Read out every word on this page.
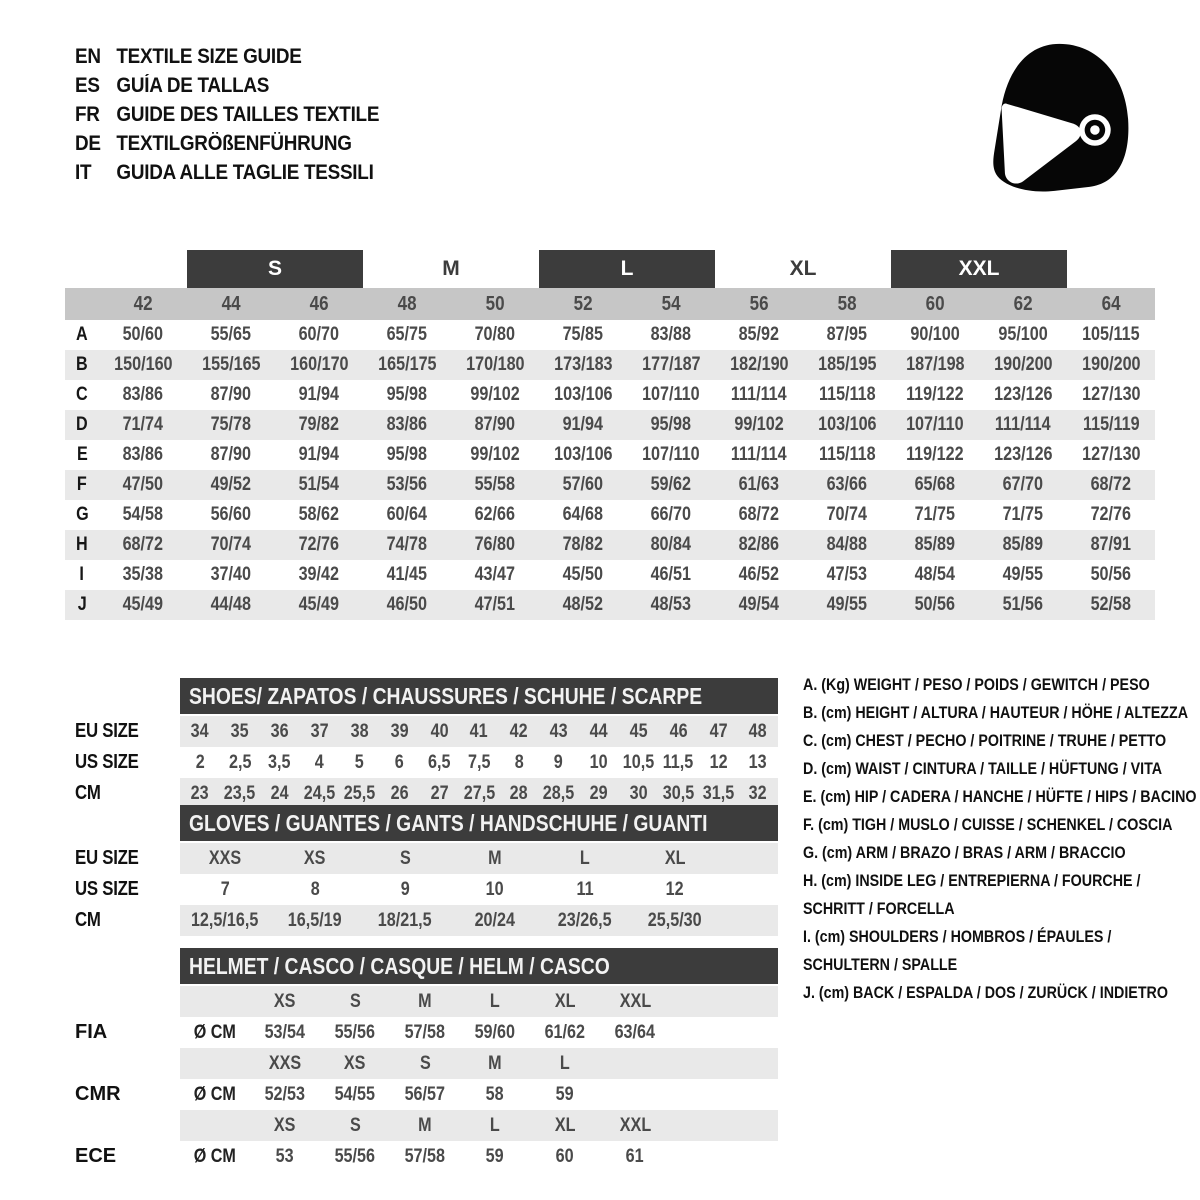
EN TEXTILE SIZE GUIDE
ES GUÍA DE TALLAS
FR GUIDE DES TAILLES TEXTILE
DE TEXTILGRÖßENFÜHRUNG
IT	GUIDA ALLE TAGLIE TESSILI
S	M	L	XL	XXL
42	44	46	48	50	52	54	56	58	60	62	64
A 50/60	55/65	60/70	65/75	70/80	75/85	83/88	85/92	87/95 90/100 95/100 105/115
B 150/160 155/165 160/170 165/175 170/180 173/183 177/187 182/190 185/195 187/198 190/200 190/200
C 83/86	87/90	91/94	95/98 99/102 103/106 107/110 111/114 115/118 119/122 123/126 127/130
D 71/74	75/78	79/82	83/86	87/90	91/94	95/98 99/102 103/106 107/110 111/114 115/119
E 83/86	87/90	91/94	95/98 99/102 103/106 107/110 111/114 115/118 119/122 123/126 127/130
F 47/50	49/52	51/54	53/56	55/58	57/60	59/62	61/63	63/66	65/68	67/70	68/72
G 54/58	56/60	58/62	60/64	62/66	64/68	66/70	68/72	70/74	71/75	71/75	72/76
H 68/72	70/74	72/76	74/78	76/80	78/82	80/84	82/86	84/88	85/89	85/89	87/91
I 35/38	37/40	39/42	41/45	43/47	45/50	46/51	46/52	47/53	48/54	49/55	50/56
J 45/49	44/48	45/49	46/50	47/51	48/52	48/53	49/54	49/55	50/56	51/56	52/58
EU SIZE
US SIZE
CM
SHOES/ ZAPATOS / CHAUSSURES / SCHUHE / SCARPE
34 35 36 37 38 39 40 41 42 43 44 45 46 47 48
2 2,5 3,5 4 5 6 6,5 7,5 8 9 10 10,5 11,5 12 13
23 23,5 24 24,5 25,5 26 27 27,5 28 28,5 29 30 30,5 31,5 32
EU SIZE
US SIZE
CM
GLOVES / GUANTES / GANTS / HANDSCHUHE / GUANTI
XXS	XS	S	M	L	XL
7	8	9	10	11	12
12,5/16,5 16,5/19 18/21,5 20/24 23/26,5 25,5/30
FIA
CMR
ECE
HELMET / CASCO / CASQUE / HELM / CASCO
XS	S	M	L	XL XXL
Ø CM 53/54 55/56 57/58 59/60 61/62 63/64
XXS XS	S	M	L
Ø CM 52/53 54/55 56/57 58	59
XS	S	M	L	XL XXL
Ø CM 53 55/56 57/58 59	60	61
A. (Kg) WEIGHT / PESO / POIDS / GEWITCH / PESO
B. (cm) HEIGHT / ALTURA / HAUTEUR / HÖHE / ALTEZZA
C. (cm) CHEST / PECHO / POITRINE / TRUHE / PETTO
D. (cm) WAIST / CINTURA / TAILLE / HÜFTUNG / VITA
E. (cm) HIP / CADERA / HANCHE / HÜFTE / HIPS / BACINO
F. (cm) TIGH / MUSLO / CUISSE / SCHENKEL / COSCIA
G. (cm) ARM / BRAZO / BRAS / ARM / BRACCIO
H. (cm) INSIDE LEG / ENTREPIERNA / FOURCHE /
SCHRITT / FORCELLA
I. (cm) SHOULDERS / HOMBROS / ÉPAULES /
SCHULTERN / SPALLE
J. (cm) BACK / ESPALDA / DOS / ZURÜCK / INDIETRO
